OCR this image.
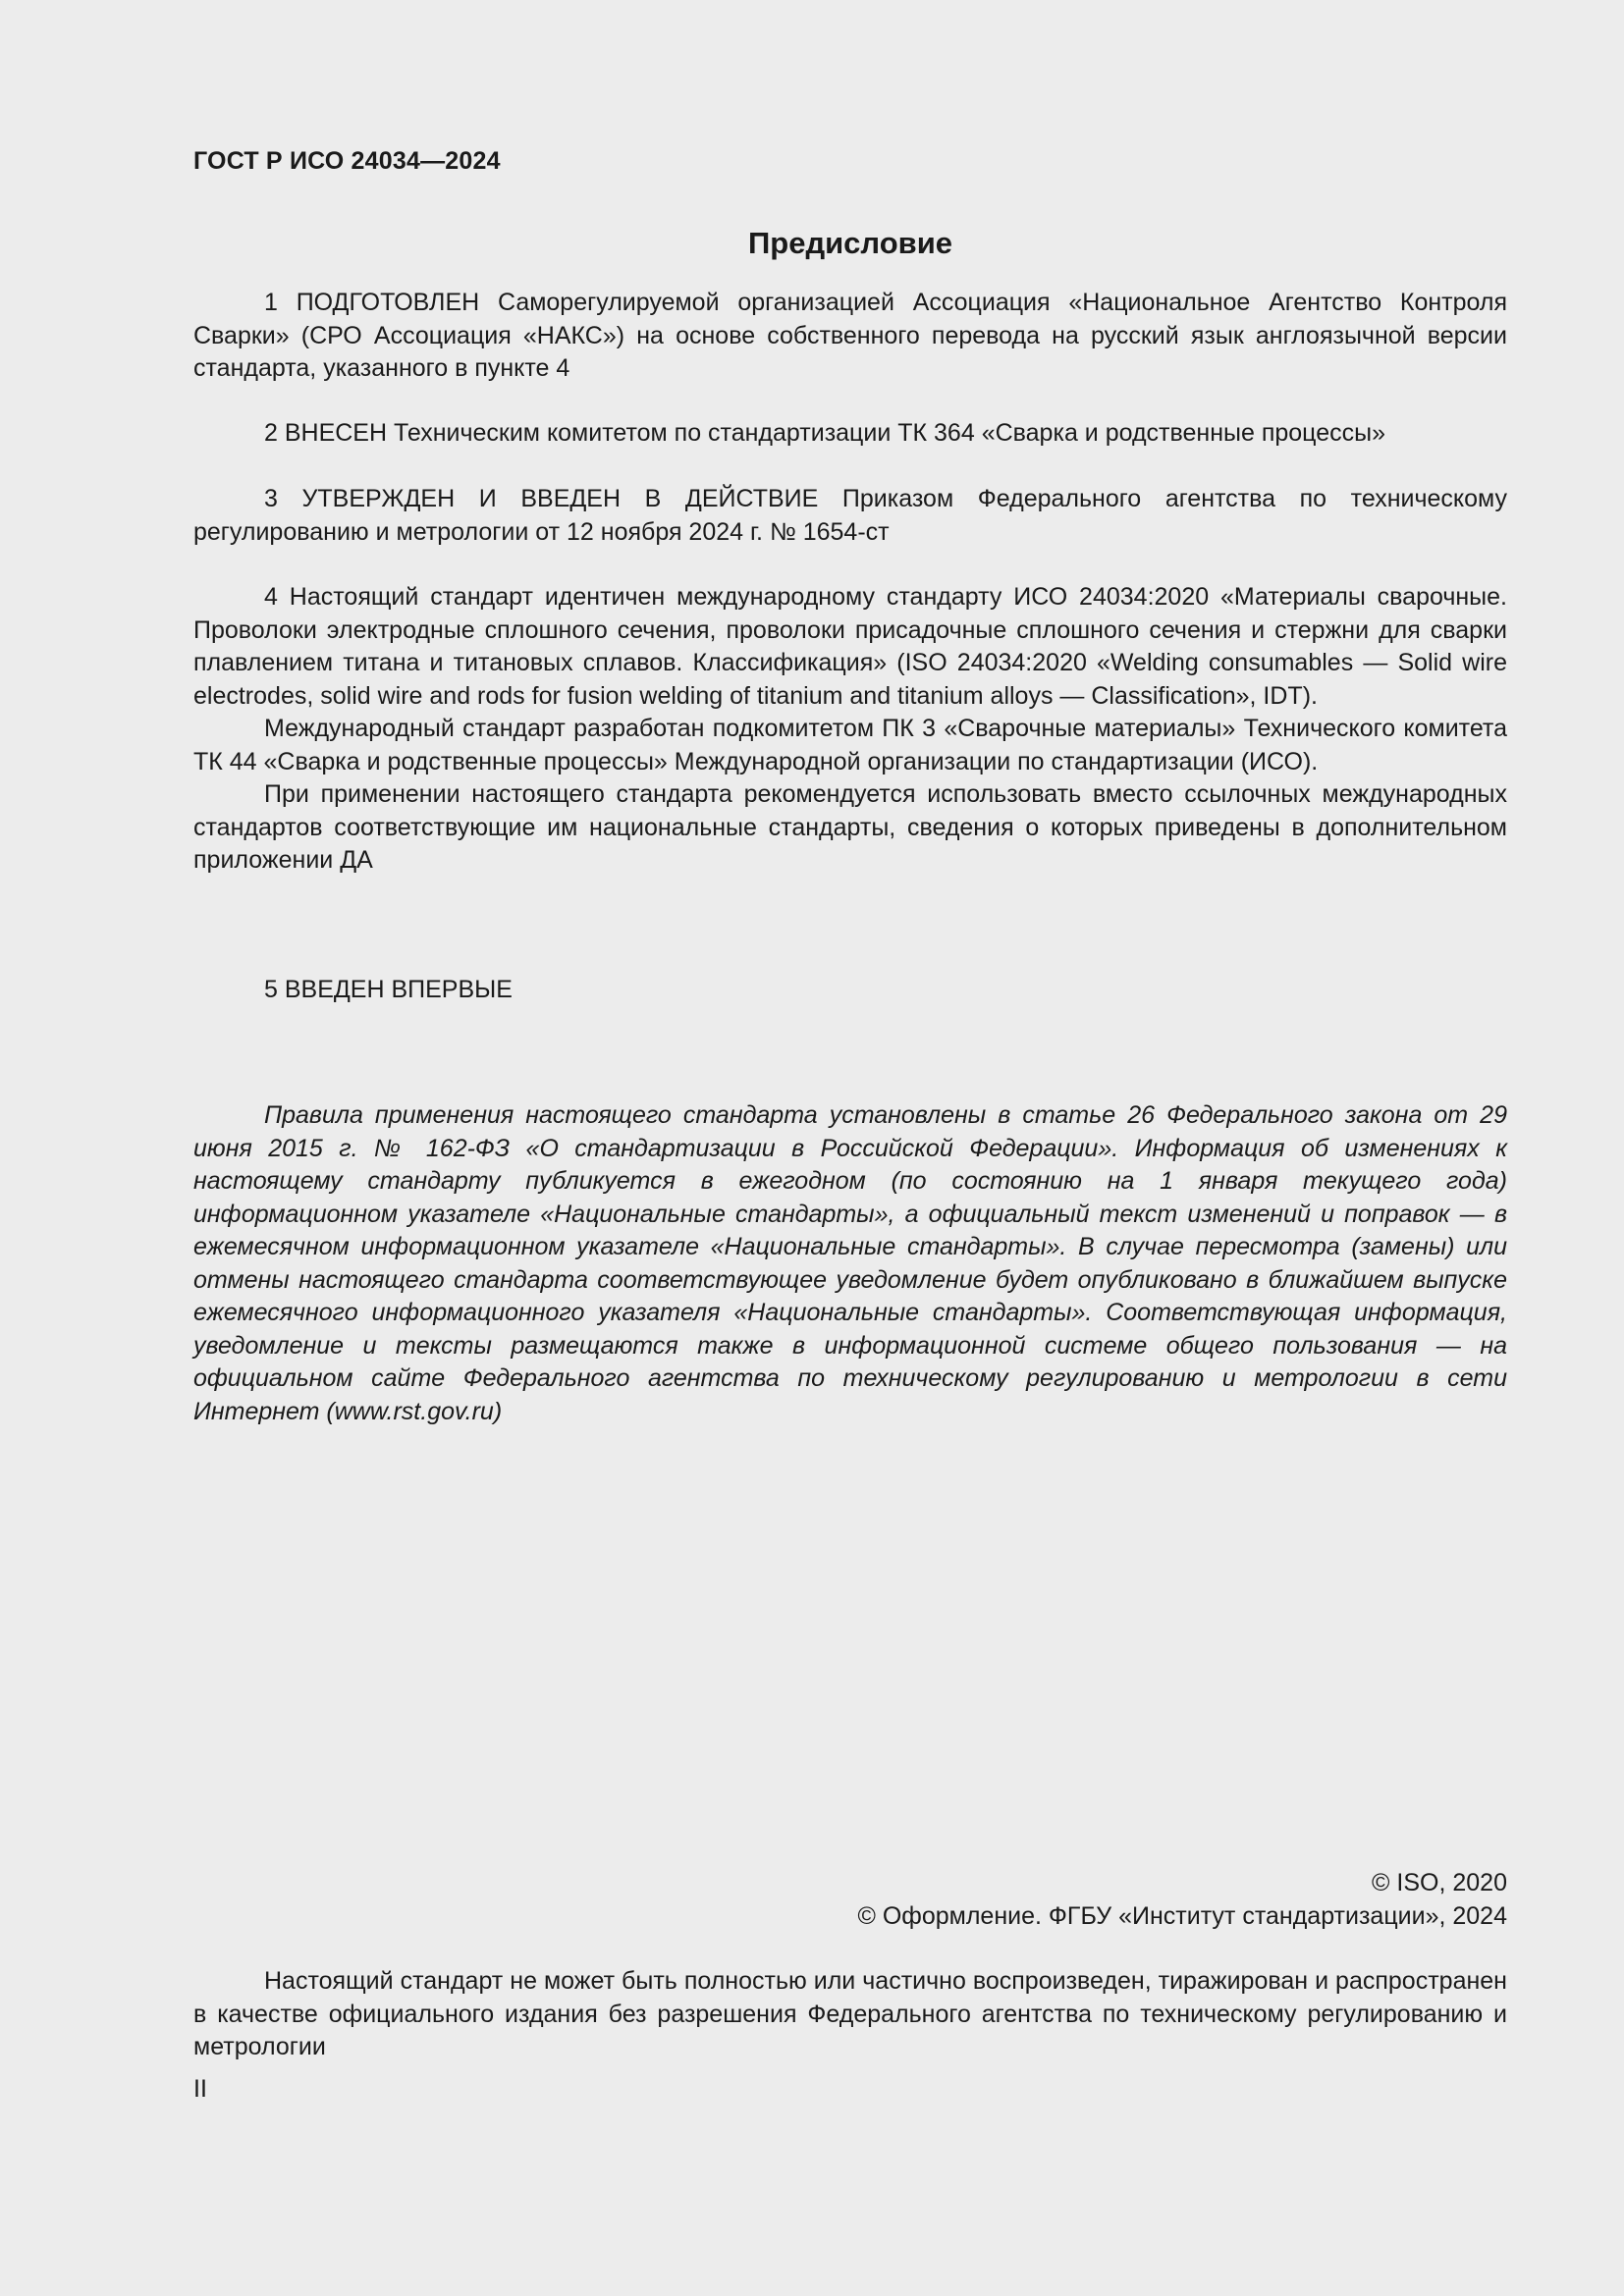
ГОСТ Р ИСО 24034—2024
Предисловие

1 ПОДГОТОВЛЕН Саморегулируемой организацией Ассоциация «Национальное Агентство Контроля Сварки» (СРО Ассоциация «НАКС») на основе собственного перевода на русский язык англоязычной версии стандарта, указанного в пункте 4

2 ВНЕСЕН Техническим комитетом по стандартизации ТК 364 «Сварка и родственные процессы»

3 УТВЕРЖДЕН И ВВЕДЕН В ДЕЙСТВИЕ Приказом Федерального агентства по техническому регулированию и метрологии от 12 ноября 2024 г. № 1654-ст

4 Настоящий стандарт идентичен международному стандарту ИСО 24034:2020 «Материалы сварочные. Проволоки электродные сплошного сечения, проволоки присадочные сплошного сечения и стержни для сварки плавлением титана и титановых сплавов. Классификация» (ISO 24034:2020 «Welding consumables — Solid wire electrodes, solid wire and rods for fusion welding of titanium and titanium alloys — Classification», IDT).

Международный стандарт разработан подкомитетом ПК 3 «Сварочные материалы» Технического комитета ТК 44 «Сварка и родственные процессы» Международной организации по стандартизации (ИСО).

При применении настоящего стандарта рекомендуется использовать вместо ссылочных международных стандартов соответствующие им национальные стандарты, сведения о которых приведены в дополнительном приложении ДА

5 ВВЕДЕН ВПЕРВЫЕ

Правила применения настоящего стандарта установлены в статье 26 Федерального закона от 29 июня 2015 г. № 162-ФЗ «О стандартизации в Российской Федерации». Информация об изменениях к настоящему стандарту публикуется в ежегодном (по состоянию на 1 января текущего года) информационном указателе «Национальные стандарты», а официальный текст изменений и поправок — в ежемесячном информационном указателе «Национальные стандарты». В случае пересмотра (замены) или отмены настоящего стандарта соответствующее уведомление будет опубликовано в ближайшем выпуске ежемесячного информационного указателя «Национальные стандарты». Соответствующая информация, уведомление и тексты размещаются также в информационной системе общего пользования — на официальном сайте Федерального агентства по техническому регулированию и метрологии в сети Интернет (www.rst.gov.ru)

© ISO, 2020
© Оформление. ФГБУ «Институт стандартизации», 2024

Настоящий стандарт не может быть полностью или частично воспроизведен, тиражирован и распространен в качестве официального издания без разрешения Федерального агентства по техническому регулированию и метрологии

II
